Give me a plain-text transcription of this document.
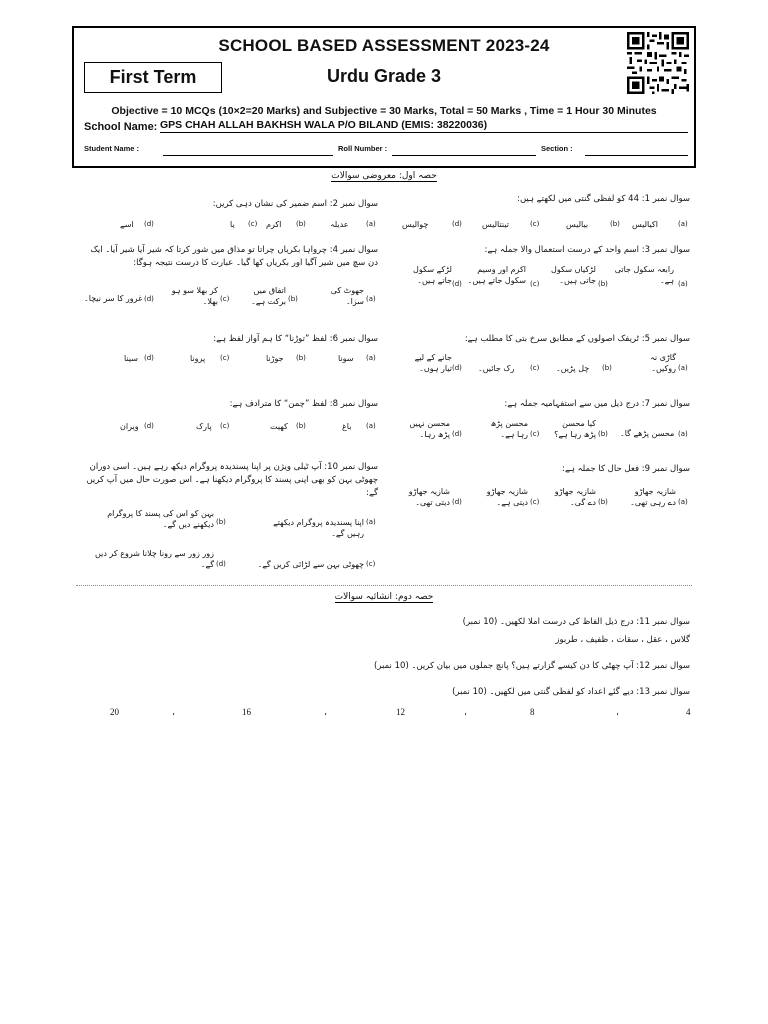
SCHOOL BASED ASSESSMENT 2023-24
Urdu Grade 3
First Term
Objective = 10 MCQs (10×2=20 Marks) and Subjective = 30 Marks, Total = 50 Marks , Time = 1 Hour 30 Minutes
School Name: GPS CHAH ALLAH BAKHSH WALA P/O BILAND (EMIS: 38220036)
Student Name :	Roll Number :	Section :
حصہ اول: معروضی سوالات
سوال نمبر 1: 44 کو لفظی گنتی میں لکھتے ہیں:
(a)
اکیالیس
(b)
بیالیس
(c)
تینتالیس
(d)
چوالیس
سوال نمبر 2: اسم ضمیر کی نشان دہی کریں:
(a)
عدیلہ
(b)
اکرم
(c)
یا
(d)
اسے
سوال نمبر 3: اسم واحد کے درست استعمال والا جملہ ہے:
(a)
رابعہ سکول جاتی ہے۔
(b)
لڑکیاں سکول جاتی ہیں۔
(c)
اکرم اور وسیم سکول جاتے ہیں۔
(d)
لڑکے سکول جاتے ہیں۔
سوال نمبر 4: چرواہا بکریاں چراتا تو مذاق میں شور کرتا کہ شیر آیا شیر آیا۔ ایک دن سچ میں شیر آگیا اور بکریاں کھا گیا۔ عبارت کا درست نتیجہ ہوگا:
(a)
جھوٹ کی سزا۔
(b)
اتفاق میں برکت ہے۔
(c)
کر بھلا سو ہو بھلا۔
(d)
غرور کا سر نیچا۔
سوال نمبر 5: ٹریفک اصولوں کے مطابق سرخ بتی کا مطلب ہے:
(a)
گاڑی نہ روکیں۔
(b)
چل پڑیں۔
(c)
رک جائیں۔
(d)
جانے کے لیے تیار ہوں۔
سوال نمبر 6: لفظ ”توڑنا“ کا ہم آواز لفظ ہے:
(a)
سونا
(b)
جوڑنا
(c)
پرونا
(d)
سینا
سوال نمبر 7: درج ذیل میں سے استفہامیہ جملہ ہے:
(a)
محسن پڑھے گا۔
(b)
کیا محسن پڑھ رہا ہے؟
(c)
محسن پڑھ رہا ہے۔
(d)
محسن نہیں پڑھ رہا۔
سوال نمبر 8: لفظ ”چمن“ کا مترادف ہے:
(a)
باغ
(b)
کھیت
(c)
پارک
(d)
ویران
سوال نمبر 9: فعل حال کا جملہ ہے:
(a)
شازیہ جھاڑو دے رہی تھی۔
(b)
شازیہ جھاڑو دے گی۔
(c)
شازیہ جھاڑو دیتی ہے۔
(d)
شازیہ جھاڑو دیتی تھی۔
سوال نمبر 10: آپ ٹیلی ویژن پر اپنا پسندیدہ پروگرام دیکھ رہے ہیں۔ اسی دوران چھوٹی بہن کو بھی اپنی پسند کا پروگرام دیکھنا ہے۔ اس صورت حال میں آپ کریں گے:
(a)
اپنا پسندیدہ پروگرام دیکھتے رہیں گے۔
(b)
بہن کو اس کی پسند کا پروگرام دیکھنے دیں گے۔
(c)
چھوٹی بہن سے لڑائی کریں گے۔
(d)
زور زور سے رونا چلانا شروع کر دیں گے۔
حصہ دوم: انشائیہ سوالات
سوال نمبر 11: درج ذیل الفاظ کی درست املا لکھیں۔ (10 نمبر)
گلاس ، عقل ، سقات ، ظفیف ، طربوز
سوال نمبر 12: آپ چھٹی کا دن کیسے گزارتے ہیں؟ پانچ جملوں میں بیان کریں۔ (10 نمبر)
سوال نمبر 13: دیے گئے اعداد کو لفظی گنتی میں لکھیں۔ (10 نمبر)
4
،
8
،
12
،
16
،
20
